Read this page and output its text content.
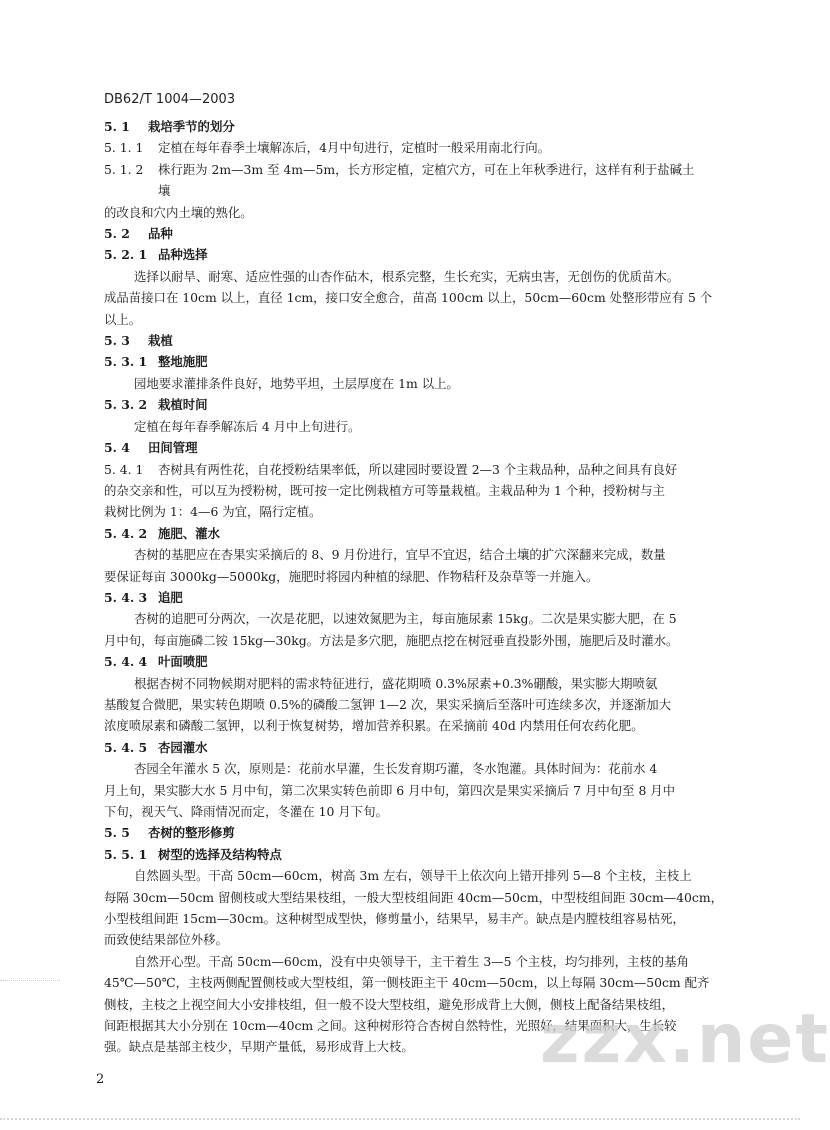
DB62/T 1004—2003
5. 1 栽培季节的划分
5. 1. 1 定植在每年春季土壤解冻后，4月中旬进行，定植时一般采用南北行向。
5. 1. 2 株行距为 2m—3m 至 4m—5m，长方形定植，定植穴方，可在上年秋季进行，这样有利于盐碱土
壤
的改良和穴内土壤的熟化。
5. 2 品种
5. 2. 1 品种选择
选择以耐旱、耐寒、适应性强的山杏作砧木，根系完整，生长充实，无病虫害，无创伤的优质苗木。
成品苗接口在 10cm 以上，直径 1cm，接口安全愈合，苗高 100cm 以上，50cm—60cm 处整形带应有 5 个
以上。
5. 3 栽植
5. 3. 1 整地施肥
园地要求灌排条件良好，地势平坦，土层厚度在 1m 以上。
5. 3. 2 栽植时间
定植在每年春季解冻后 4 月中上旬进行。
5. 4 田间管理
5. 4. 1 杏树具有两性花，自花授粉结果率低，所以建园时要设置 2—3 个主栽品种，品种之间具有良好
的杂交亲和性，可以互为授粉树，既可按一定比例栽植方可等量栽植。主栽品种为 1 个种，授粉树与主
栽树比例为 1：4—6 为宜，隔行定植。
5. 4. 2 施肥、灌水
杏树的基肥应在杏果实采摘后的 8、9 月份进行，宜早不宜迟，结合土壤的扩穴深翻来完成，数量
要保证每亩 3000kg—5000kg，施肥时将园内种植的绿肥、作物秸秆及杂草等一并施入。
5. 4. 3 追肥
杏树的追肥可分两次，一次是花肥，以速效氮肥为主，每亩施尿素 15kg。二次是果实膨大肥，在 5
月中旬，每亩施磷二铵 15kg—30kg。方法是多穴肥，施肥点挖在树冠垂直投影外围，施肥后及时灌水。
5. 4. 4 叶面喷肥
根据杏树不同物候期对肥料的需求特征进行，盛花期喷 0.3%尿素+0.3%硼酸，果实膨大期喷氨
基酸复合微肥，果实转色期喷 0.5%的磷酸二氢钾 1—2 次，果实采摘后至落叶可连续多次，并逐渐加大
浓度喷尿素和磷酸二氢钾，以利于恢复树势，增加营养积累。在采摘前 40d 内禁用任何农药化肥。
5. 4. 5 杏园灌水
杏园全年灌水 5 次，原则是：花前水早灌，生长发育期巧灌，冬水饱灌。具体时间为：花前水 4
月上旬，果实膨大水 5 月中旬，第二次果实转色前即 6 月中旬，第四次是果实采摘后 7 月中旬至 8 月中
下旬，视天气、降雨情况而定，冬灌在 10 月下旬。
5. 5 杏树的整形修剪
5. 5. 1 树型的选择及结构特点
自然圆头型。干高 50cm—60cm，树高 3m 左右，领导干上依次向上错开排列 5—8 个主枝，主枝上
每隔 30cm—50cm 留侧枝或大型结果枝组，一般大型枝组间距 40cm—50cm，中型枝组间距 30cm—40cm，
小型枝组间距 15cm—30cm。这种树型成型快，修剪量小，结果早，易丰产。缺点是内膛枝组容易枯死，
而致使结果部位外移。
自然开心型。干高 50cm—60cm，没有中央领导干，主干着生 3—5 个主枝，均匀排列，主枝的基角
45℃—50℃，主枝两侧配置侧枝或大型枝组，第一侧枝距主干 40cm—50cm，以上每隔 30cm—50cm 配齐
侧枝，主枝之上视空间大小安排枝组，但一般不设大型枝组，避免形成背上大侧，侧枝上配备结果枝组，
间距根据其大小分别在 10cm—40cm 之间。这种树形符合杏树自然特性，光照好，结果面积大，生长较
强。缺点是基部主枝少，早期产量低，易形成背上大枝。	zzx.net
2
